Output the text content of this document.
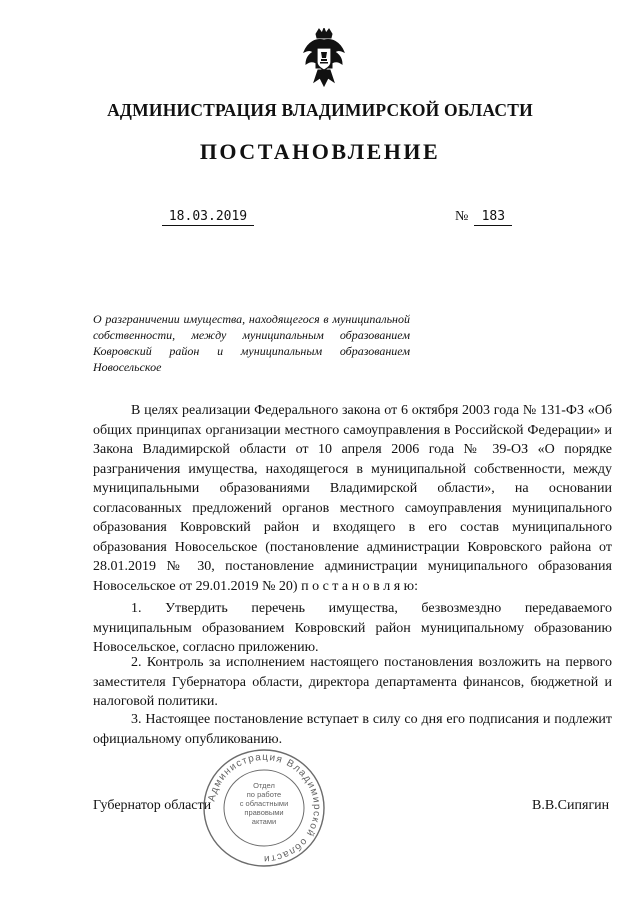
АДМИНИСТРАЦИЯ ВЛАДИМИРСКОЙ ОБЛАСТИ
ПОСТАНОВЛЕНИЕ
18.03.2019	№ 183

О разграничении имущества, находящегося в муниципальной собственности, между муниципальным образованием Ковровский район и муниципальным образованием Новосельское

В целях реализации Федерального закона от 6 октября 2003 года № 131-ФЗ «Об общих принципах организации местного самоуправления в Российской Федерации» и Закона Владимирской области от 10 апреля 2006 года № 39-ОЗ «О порядке разграничения имущества, находящегося в муниципальной собственности, между муниципальными образованиями Владимирской области», на основании согласованных предложений органов местного самоуправления муниципального образования Ковровский район и входящего в его состав муниципального образования Новосельское (постановление администрации Ковровского района от 28.01.2019 № 30, постановление администрации муниципального образования Новосельское от 29.01.2019 № 20) п о с т а н о в л я ю:

1. Утвердить перечень имущества, безвозмездно передаваемого муниципальным образованием Ковровский район муниципальному образованию Новосельское, согласно приложению.

2. Контроль за исполнением настоящего постановления возложить на первого заместителя Губернатора области, директора департамента финансов, бюджетной и налоговой политики.

3. Настоящее постановление вступает в силу со дня его подписания и подлежит официальному опубликованию.

Губернатор области	В.В.Сипягин
Администрация Владимирской области
Отдел
по работе
с областными
правовыми
актами
